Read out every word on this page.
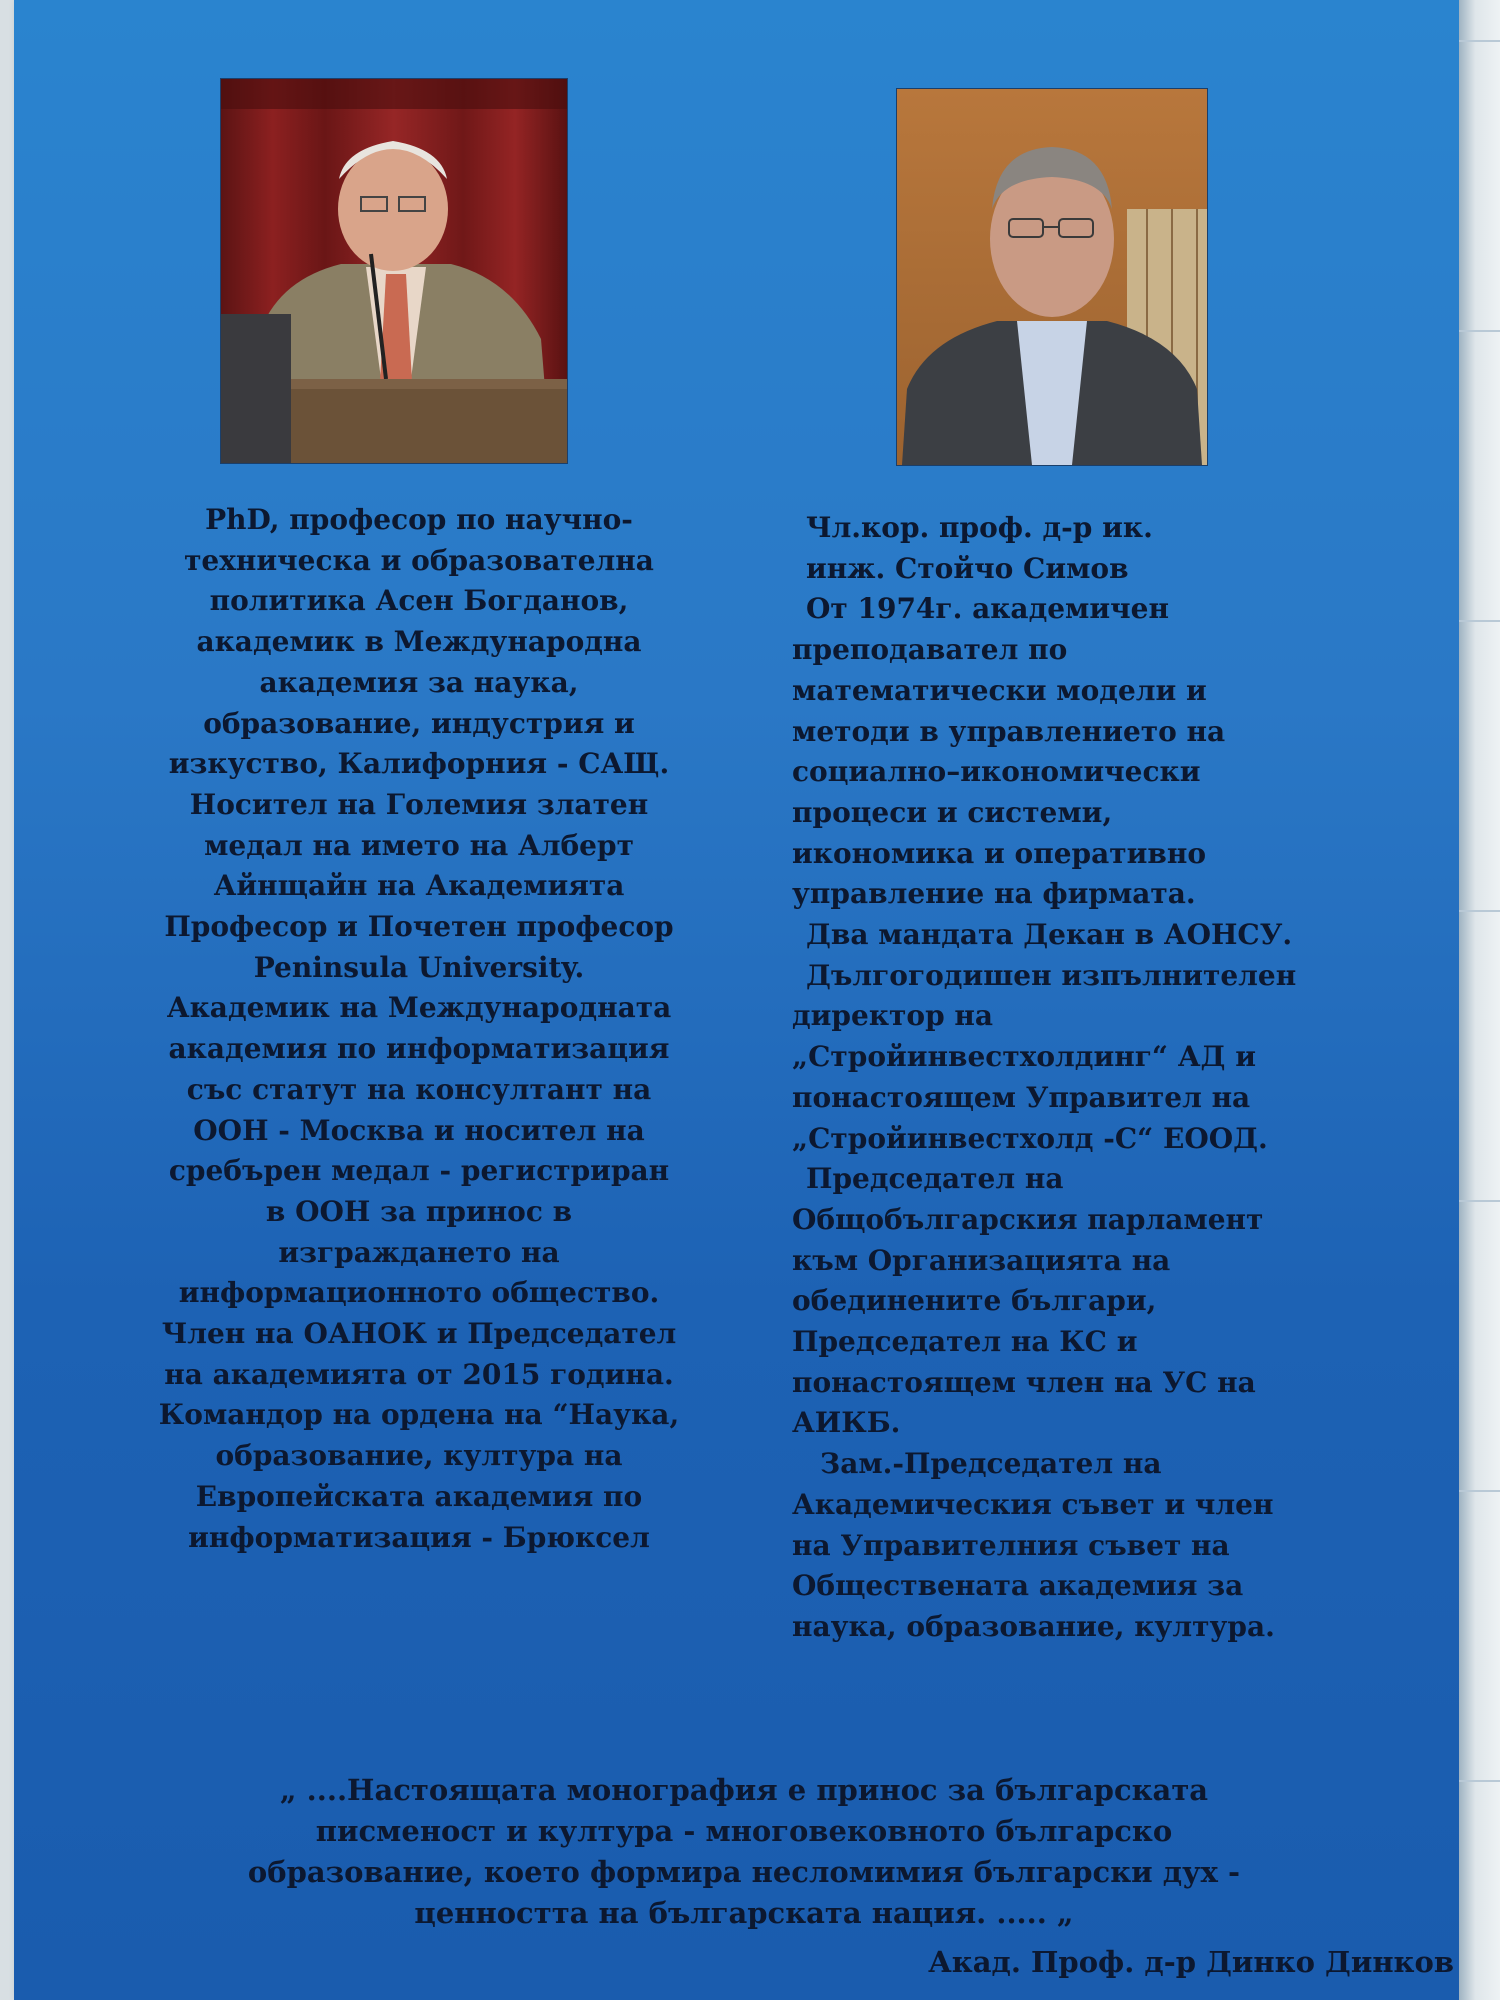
PhD, професор по научно-
техническа и образователна
политика Асен Богданов,
академик в Международна
академия за наука,
образование, индустрия и
изкуство, Калифорния - САЩ.
Носител на Големия златен
медал на името на Алберт
Айнщайн на Академията
Професор и Почетен професор
Peninsula University.
Академик на Международната
академия по информатизация
със статут на консултант на
ООН - Москва и носител на
сребърен медал - регистриран
в ООН за принос в
изграждането на
информационното общество.
Член на ОАНОК и Председател
на академията от 2015 година.
Командор на ордена на “Наука,
образование, култура на
Европейската академия по
информатизация - Брюксел
Чл.кор. проф. д-р ик.
инж. Стойчо Симов
От 1974г. академичен
преподавател по
математически модели и
методи в управлението на
социално–икономически
процеси и системи,
икономика и оперативно
управление на фирмата.
Два мандата Декан в АОНСУ.
Дългогодишен изпълнителен
директор на
„Стройинвестхолдинг“ АД и
понастоящем Управител на
„Стройинвестхолд -С“ ЕООД.
Председател на
Общобългарския парламент
към Организацията на
обединените българи,
Председател на КС и
понастоящем член на УС на
АИКБ.
Зам.-Председател на
Академическия съвет и член
на Управителния съвет на
Обществената академия за
наука, образование, култура.
„ ....Настоящата монография е принос за българската
писменост и култура - многовековното българско
образование, което формира несломимия български дух -
ценността на българската нация. ..... „
Акад. Проф. д-р Динко Динков
